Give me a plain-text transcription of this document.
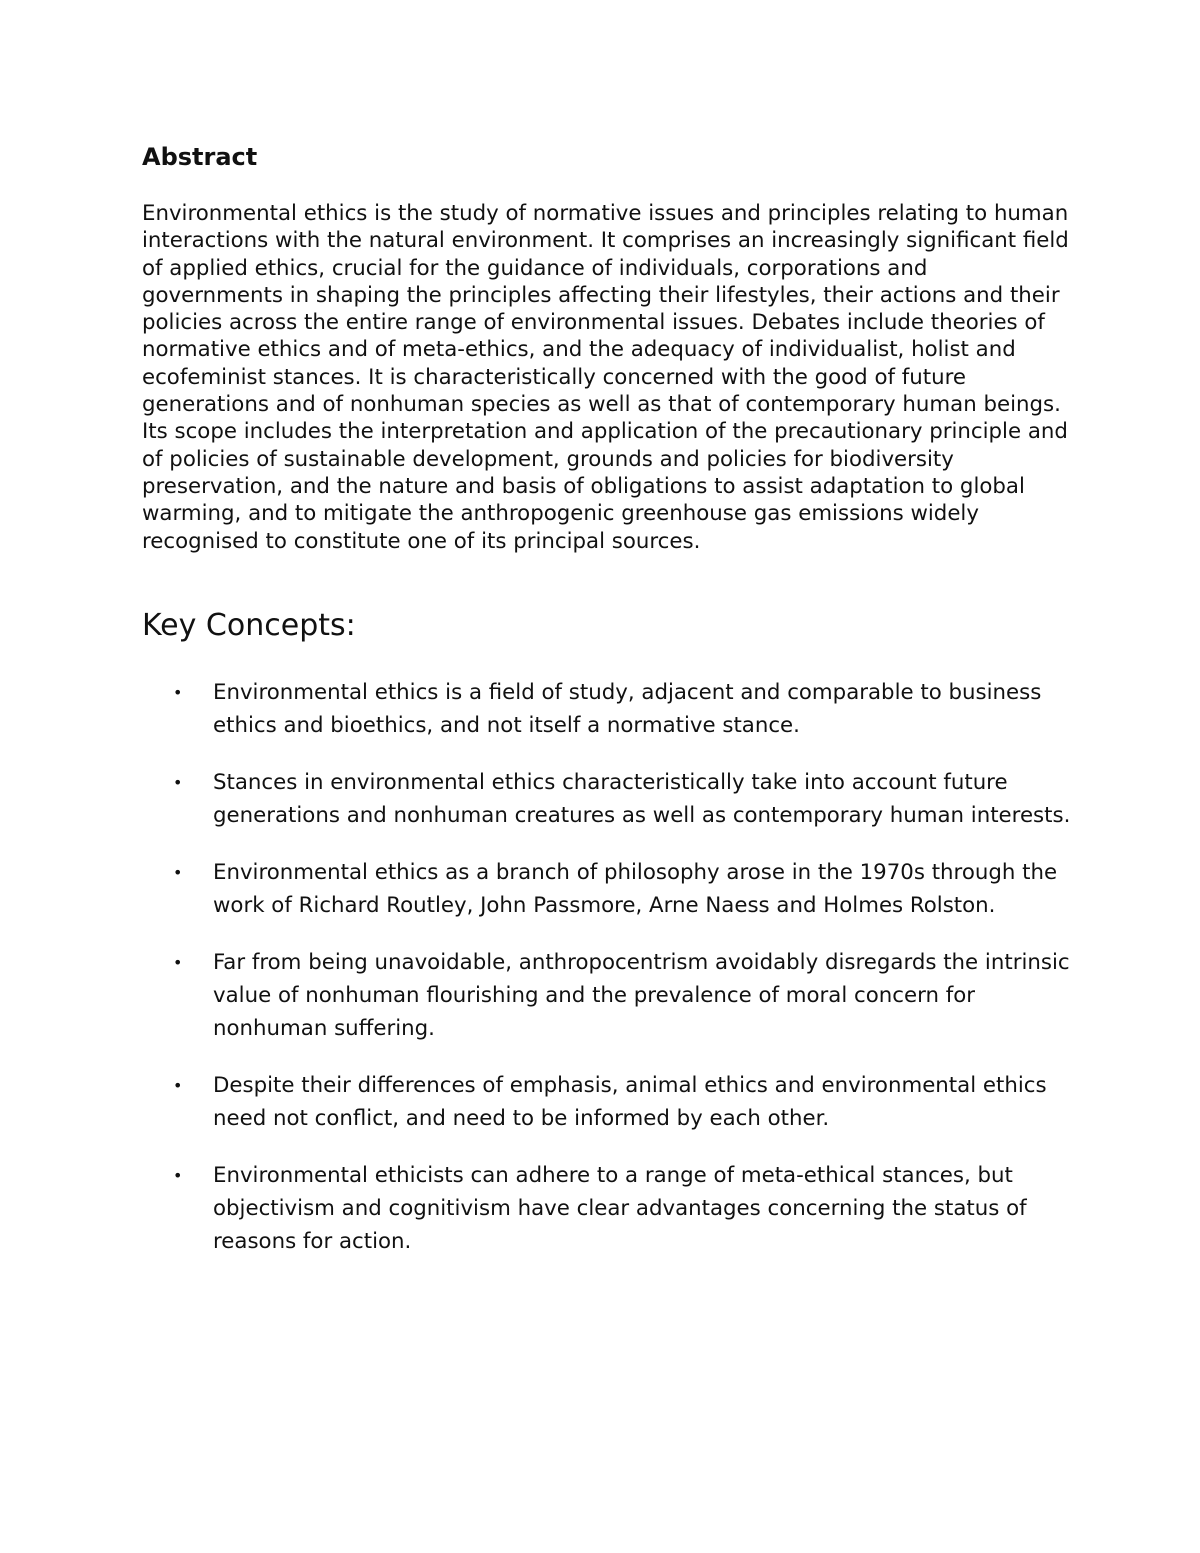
Abstract

Environmental ethics is the study of normative issues and principles relating to human interactions with the natural environment. It comprises an increasingly significant field of applied ethics, crucial for the guidance of individuals, corporations and governments in shaping the principles affecting their lifestyles, their actions and their policies across the entire range of environmental issues. Debates include theories of normative ethics and of meta-ethics, and the adequacy of individualist, holist and ecofeminist stances. It is characteristically concerned with the good of future generations and of nonhuman species as well as that of contemporary human beings. Its scope includes the interpretation and application of the precautionary principle and of policies of sustainable development, grounds and policies for biodiversity preservation, and the nature and basis of obligations to assist adaptation to global warming, and to mitigate the anthropogenic greenhouse gas emissions widely recognised to constitute one of its principal sources.

Key Concepts:
• Environmental ethics is a field of study, adjacent and comparable to business ethics and bioethics, and not itself a normative stance.
• Stances in environmental ethics characteristically take into account future generations and nonhuman creatures as well as contemporary human interests.
• Environmental ethics as a branch of philosophy arose in the 1970s through the work of Richard Routley, John Passmore, Arne Naess and Holmes Rolston.
• Far from being unavoidable, anthropocentrism avoidably disregards the intrinsic value of nonhuman flourishing and the prevalence of moral concern for nonhuman suffering.
• Despite their differences of emphasis, animal ethics and environmental ethics need not conflict, and need to be informed by each other.
• Environmental ethicists can adhere to a range of meta-ethical stances, but objectivism and cognitivism have clear advantages concerning the status of reasons for action.
